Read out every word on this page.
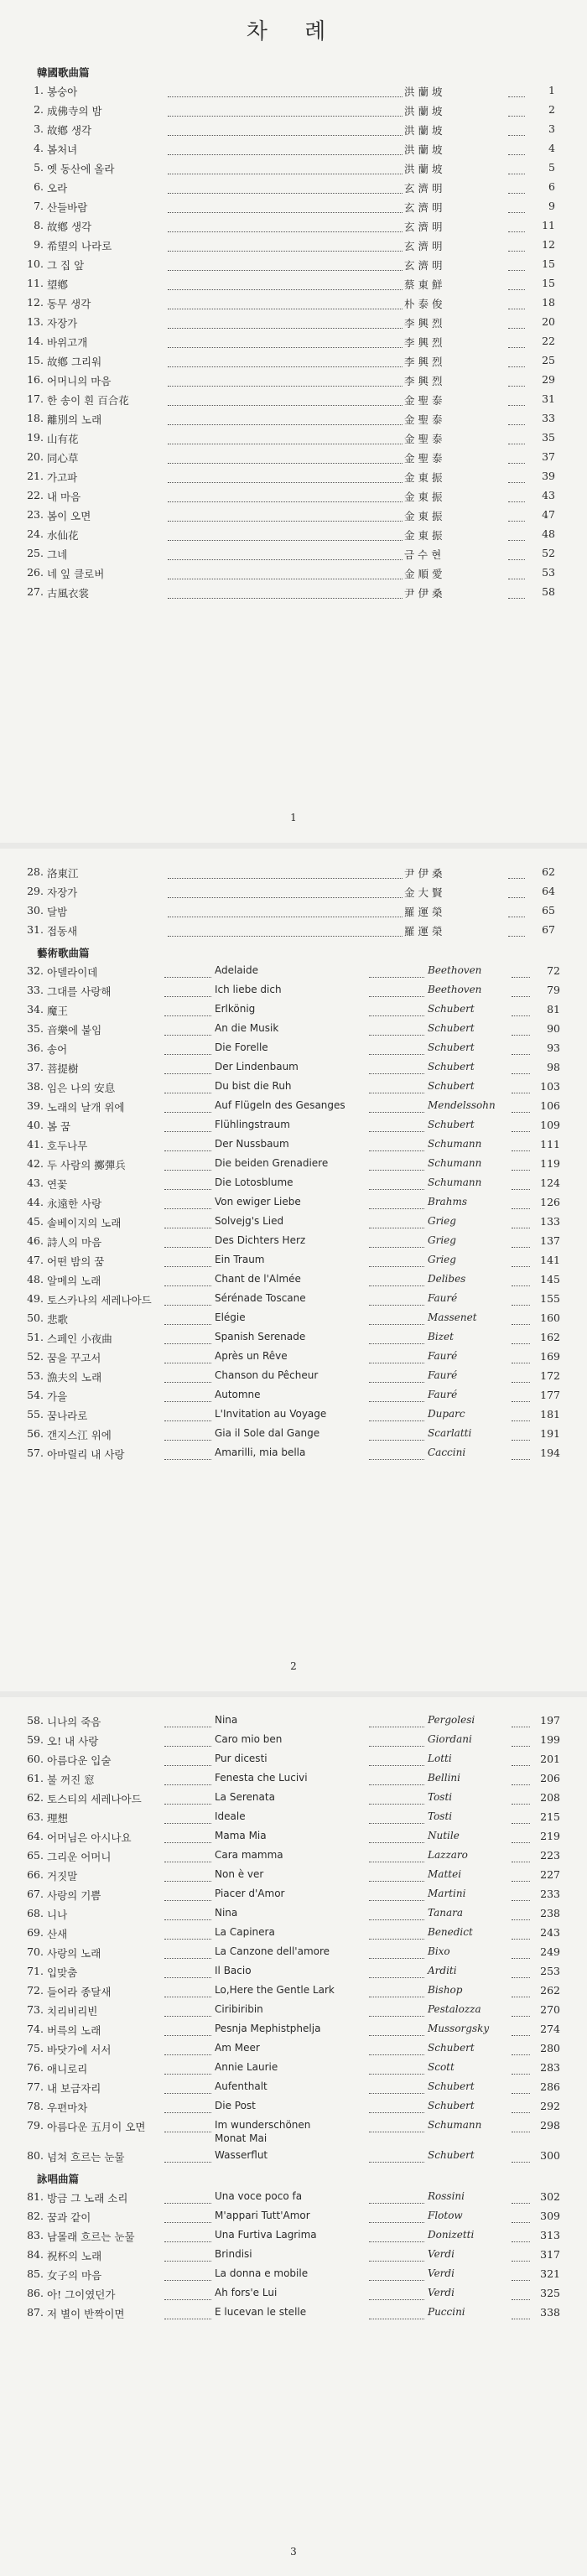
차 례
韓國歌曲篇
1. 봉숭아	洪 蘭 坡	1
2. 成佛寺의 밤	洪 蘭 坡	2
3. 故鄕 생각	洪 蘭 坡	3
4. 봄처녀	洪 蘭 坡	4
5. 옛 동산에 올라	洪 蘭 坡	5
6. 오라	玄 濟 明	6
7. 산들바람	玄 濟 明	9
8. 故鄕 생각	玄 濟 明	11
9. 希望의 나라로	玄 濟 明	12
10. 그 집 앞	玄 濟 明	15
11. 望鄕	蔡 東 鮮	15
12. 동무 생각	朴 泰 俊	18
13. 자장가	李 興 烈	20
14. 바위고개	李 興 烈	22
15. 故鄕 그리워	李 興 烈	25
16. 어머니의 마음	李 興 烈	29
17. 한 송이 흰 百合花	金 聖 泰	31
18. 離別의 노래	金 聖 泰	33
19. 山有花	金 聖 泰	35
20. 同心草	金 聖 泰	37
21. 가고파	金 東 振	39
22. 내 마음	金 東 振	43
23. 봄이 오면	金 東 振	47
24. 水仙花	金 東 振	48
25. 그네	금 수 현	52
26. 네 잎 클로버	金 順 愛	53
27. 古風衣裳	尹 伊 桑	58
1
28. 洛東江	尹 伊 桑	62
29. 자장가	金 大 賢	64
30. 달밤	羅 運 榮	65
31. 접동새	羅 運 榮	67
藝術歌曲篇
32. 아델라이데	Adelaide	Beethoven	72
33. 그대를 사랑해	Ich liebe dich	Beethoven	79
34. 魔王	Erlkönig	Schubert	81
35. 音樂에 붙임	An die Musik	Schubert	90
36. 송어	Die Forelle	Schubert	93
37. 菩提樹	Der Lindenbaum	Schubert	98
38. 임은 나의 安息	Du bist die Ruh	Schubert	103
39. 노래의 날개 위에	Auf Flügeln des Gesanges	Mendelssohn	106
40. 봄 꿈	Flühlingstraum	Schubert	109
41. 호두나무	Der Nussbaum	Schumann	111
42. 두 사람의 擲彈兵	Die beiden Grenadiere	Schumann	119
43. 연꽃	Die Lotosblume	Schumann	124
44. 永遠한 사랑	Von ewiger Liebe	Brahms	126
45. 솔베이지의 노래	Solvejg's Lied	Grieg	133
46. 詩人의 마음	Des Dichters Herz	Grieg	137
47. 어떤 밤의 꿈	Ein Traum	Grieg	141
48. 알메의 노래	Chant de l'Almée	Delibes	145
49. 토스카나의 세레나아드	Sérénade Toscane	Fauré	155
50. 悲歌	Elégie	Massenet	160
51. 스페인 小夜曲	Spanish Serenade	Bizet	162
52. 꿈을 꾸고서	Après un Rêve	Fauré	169
53. 漁夫의 노래	Chanson du Pêcheur	Fauré	172
54. 가을	Automne	Fauré	177
55. 꿈나라로	L'Invitation au Voyage	Duparc	181
56. 갠지스江 위에	Gia il Sole dal Gange	Scarlatti	191
57. 아마릴리 내 사랑	Amarilli, mia bella	Caccini	194
2
58. 니나의 죽음	Nina	Pergolesi	197
59. 오! 내 사랑	Caro mio ben	Giordani	199
60. 아름다운 입술	Pur dicesti	Lotti	201
61. 불 꺼진 窓	Fenesta che Lucivi	Bellini	206
62. 토스티의 세레나아드	La Serenata	Tosti	208
63. 理想	Ideale	Tosti	215
64. 어머님은 아시나요	Mama Mia	Nutile	219
65. 그리운 어머니	Cara mamma	Lazzaro	223
66. 거짓말	Non è ver	Mattei	227
67. 사랑의 기쁨	Piacer d'Amor	Martini	233
68. 니나	Nina	Tanara	238
69. 산새	La Capinera	Benedict	243
70. 사랑의 노래	La Canzone dell'amore	Bixo	249
71. 입맞춤	Il Bacio	Arditi	253
72. 들어라 종달새	Lo,Here the Gentle Lark	Bishop	262
73. 치리비리빈	Ciribiribin	Pestalozza	270
74. 버륵의 노래	Pesnja Mephistphelja	Mussorgsky	274
75. 바닷가에 서서	Am Meer	Schubert	280
76. 애니로리	Annie Laurie	Scott	283
77. 내 보금자리	Aufenthalt	Schubert	286
78. 우편마차	Die Post	Schubert	292
79. 아름다운 五月이 오면	Im wunderschönen
Monat Mai
Schumann	298
80. 넘쳐 흐르는 눈물	Wasserflut	Schubert	300
詠唱曲篇
81. 방금 그 노래 소리	Una voce poco fa	Rossini	302
82. 꿈과 같이	M'appari Tutt'Amor	Flotow	309
83. 남몰래 흐르는 눈물	Una Furtiva Lagrima	Donizetti	313
84. 祝杯의 노래	Brindisi	Verdi	317
85. 女子의 마음	La donna e mobile	Verdi	321
86. 아! 그이였던가	Ah fors'e Lui	Verdi	325
87. 저 별이 반짝이면	E lucevan le stelle	Puccini	338
3
